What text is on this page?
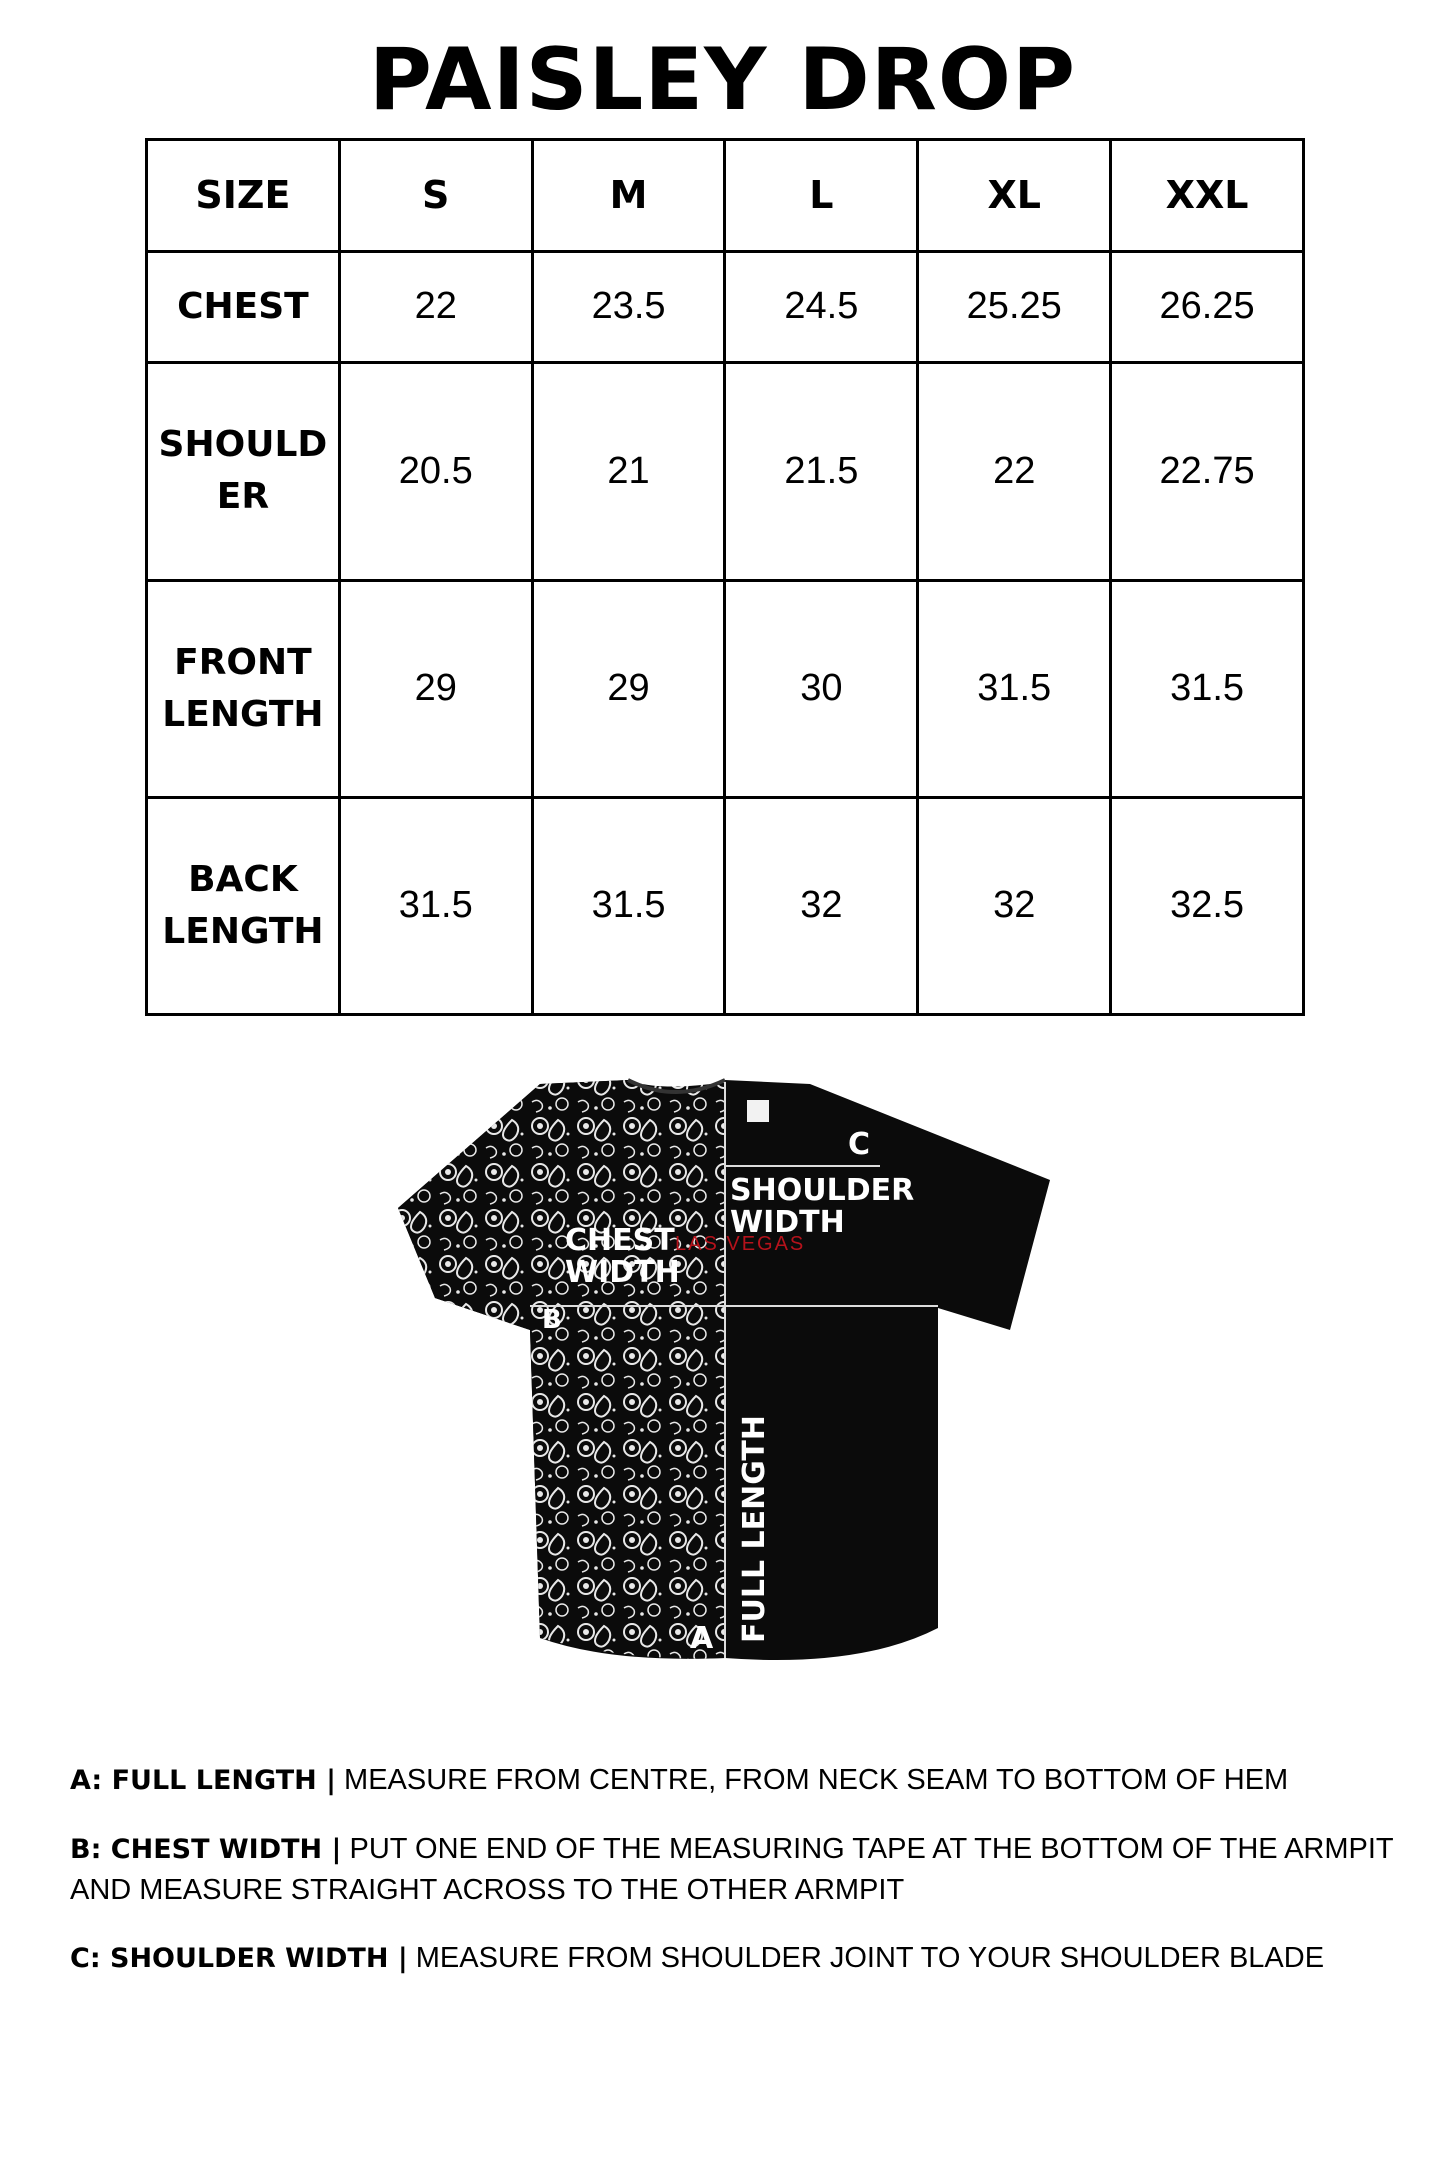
PAISLEY DROP
SIZE	S	M	L	XL	XXL
CHEST	22	23.5	24.5	25.25	26.25
SHOULD
ER	20.5	21	21.5	22	22.75
FRONT
LENGTH	29	29	30	31.5	31.5
BACK
LENGTH	31.5	31.5	32	32	32.5
C
SHOULDER
WIDTH
CHEST
WIDTH
LAS VEGAS
B
A FULL LENGTH
A: FULL LENGTH | MEASURE FROM CENTRE, FROM NECK SEAM TO BOTTOM OF HEM
B: CHEST WIDTH | PUT ONE END OF THE MEASURING TAPE AT THE BOTTOM OF THE ARMPIT AND MEASURE STRAIGHT ACROSS TO THE OTHER ARMPIT
C: SHOULDER WIDTH | MEASURE FROM SHOULDER JOINT TO YOUR SHOULDER BLADE
